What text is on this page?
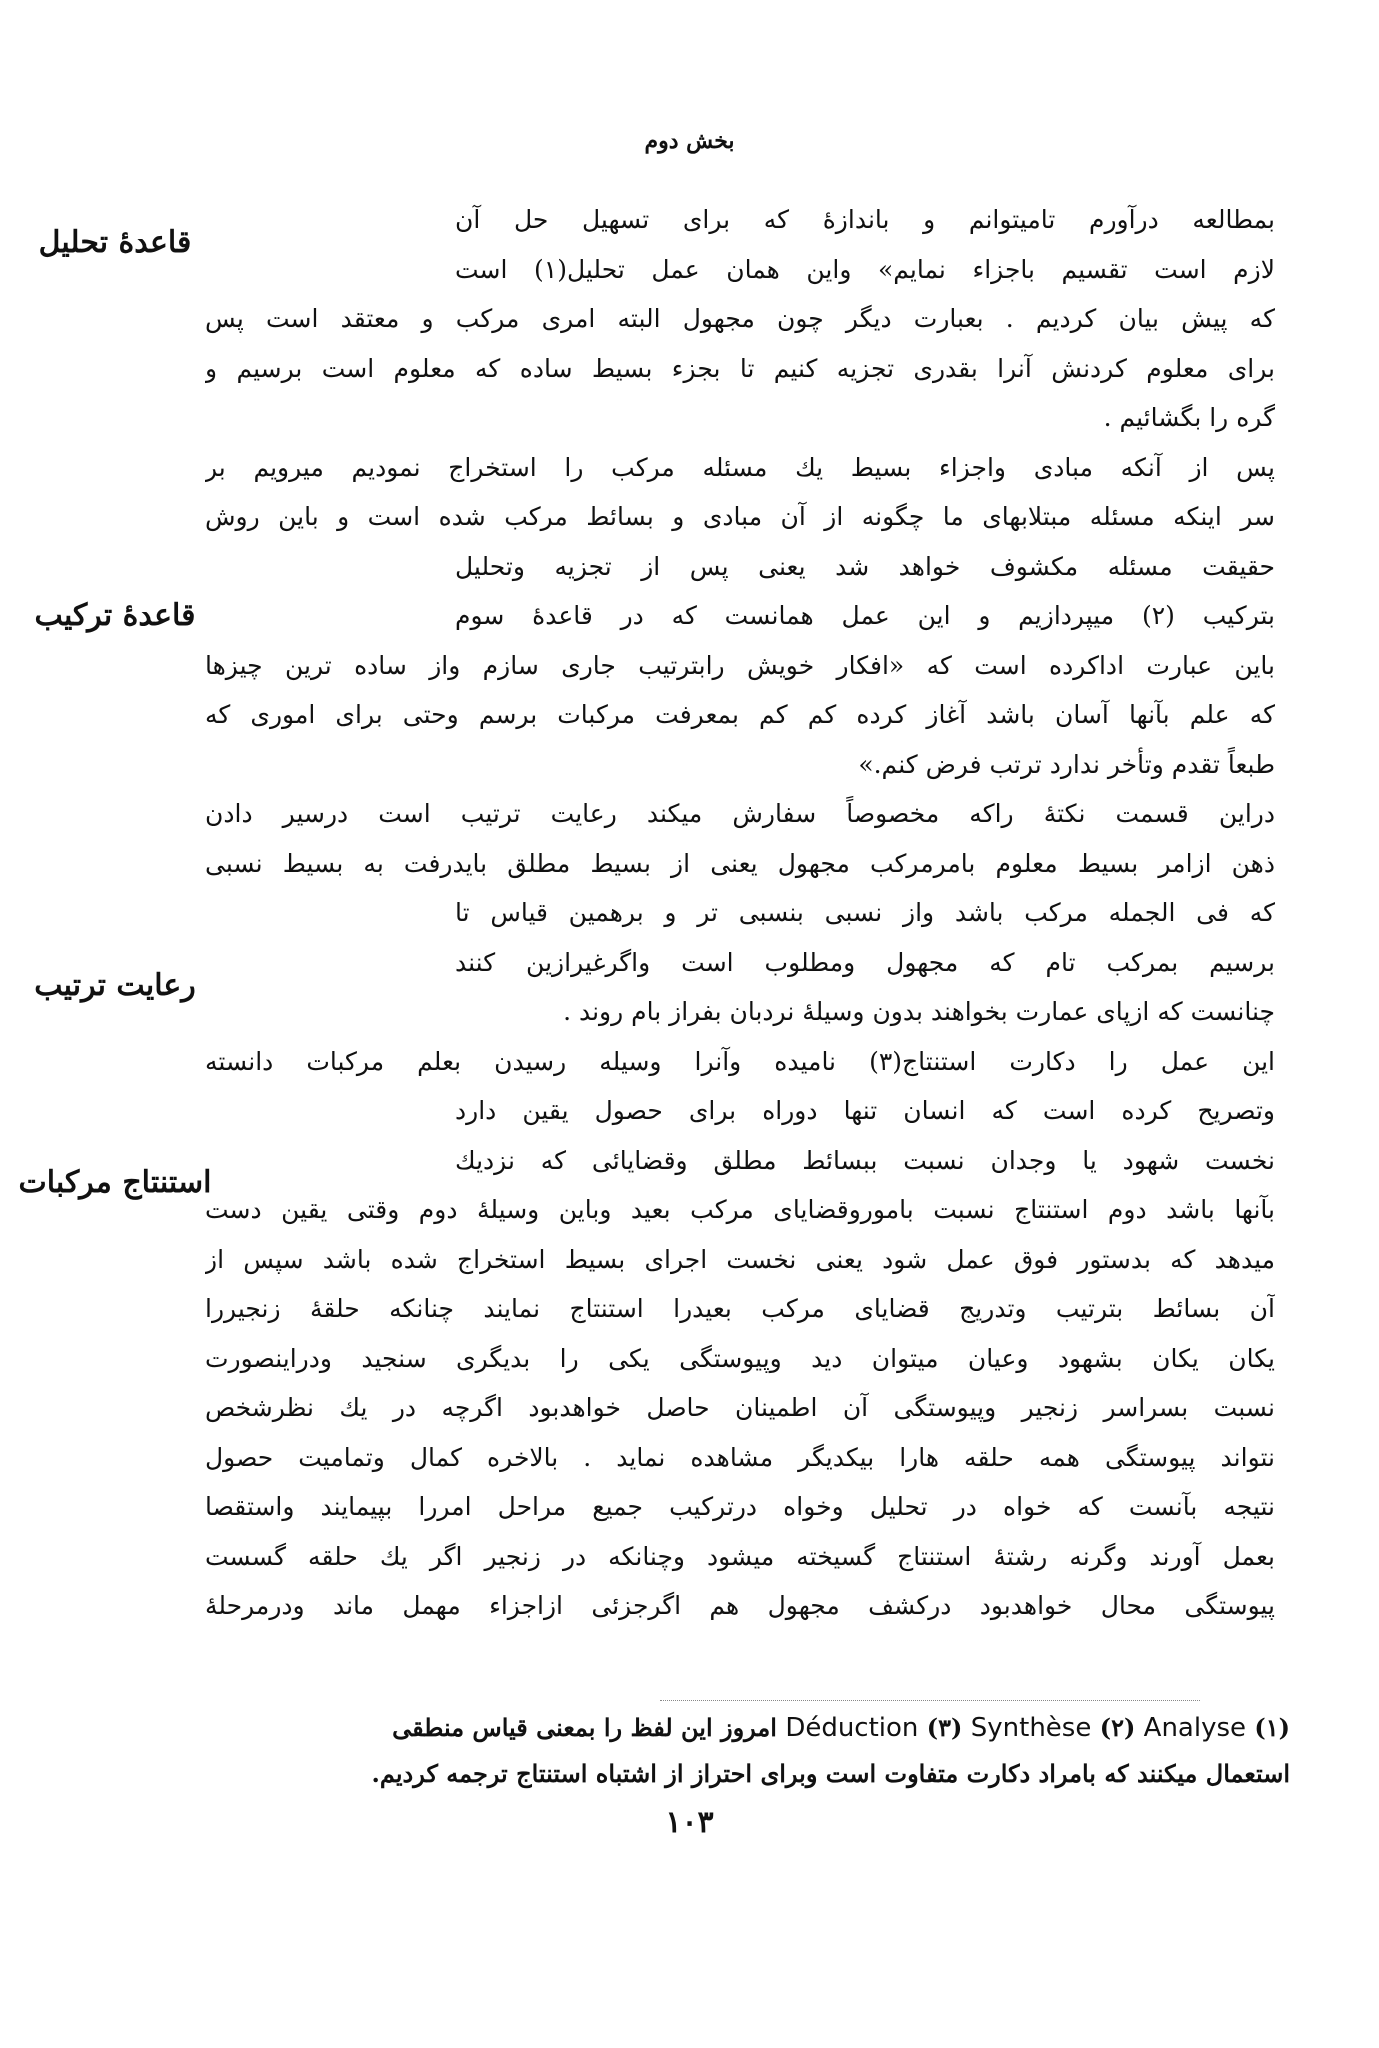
بخش دوم
قاعدهٔ تحلیل
قاعدهٔ ترکیب
رعایت ترتیب
استنتاج مرکبات
بمطالعه درآورم تامیتوانم و باندازهٔ که برای تسهیل حل آن
لازم است تقسیم باجزاء نمایم» واین همان عمل تحلیل(۱) است
که پیش بیان کردیم . بعبارت دیگر چون مجهول البته امری مرکب و معتقد است پس
برای معلوم کردنش آنرا بقدری تجزیه کنیم تا بجزء بسیط ساده که معلوم است برسیم و
گره را بگشائیم .
پس از آنکه مبادی واجزاء بسیط یك مسئله مرکب را استخراج نمودیم میرویم بر
سر اینکه مسئله مبتلابهای ما چگونه از آن مبادی و بسائط مرکب شده است و باین روش
حقیقت مسئله مکشوف خواهد شد یعنی پس از تجزیه وتحلیل
بترکیب (۲) میپردازیم و این عمل همانست که در قاعدهٔ سوم
باین عبارت اداکرده است که «افکار خویش رابترتیب جاری سازم واز ساده ترین چیزها
که علم بآنها آسان باشد آغاز کرده کم کم بمعرفت مرکبات برسم وحتی برای اموری که
طبعاً تقدم وتأخر ندارد ترتب فرض کنم.»
دراین قسمت نکتهٔ راکه مخصوصاً سفارش میکند رعایت ترتیب است درسیر دادن
ذهن ازامر بسیط معلوم بامرمرکب مجهول یعنی از بسیط مطلق بایدرفت به بسیط نسبی
که فی الجمله مرکب باشد واز نسبی بنسبی تر و برهمین قیاس تا
برسیم بمرکب تام که مجهول ومطلوب است واگرغیرازین کنند
چنانست که ازپای عمارت بخواهند بدون وسیلهٔ نردبان بفراز بام روند .
این عمل را دکارت استنتاج(۳) نامیده وآنرا وسیله رسیدن بعلم مرکبات دانسته
وتصریح کرده است که انسان تنها دوراه برای حصول یقین دارد
نخست شهود یا وجدان نسبت ببسائط مطلق وقضایائی که نزدیك
بآنها باشد دوم استنتاج نسبت باموروقضایای مرکب بعید وباین وسیلهٔ دوم وقتی یقین دست
میدهد که بدستور فوق عمل شود یعنی نخست اجرای بسیط استخراج شده باشد سپس از
آن بسائط بترتیب وتدریج قضایای مرکب بعیدرا استنتاج نمایند چنانکه حلقهٔ زنجیررا
یکان یکان بشهود وعیان میتوان دید وپیوستگی یکی را بدیگری سنجید ودراینصورت
نسبت بسراسر زنجیر وپیوستگی آن اطمینان حاصل خواهدبود اگرچه در یك نظرشخص
نتواند پیوستگی همه حلقه هارا بیکدیگر مشاهده نماید . بالاخره کمال وتمامیت حصول
نتیجه بآنست که خواه در تحلیل وخواه درترکیب جمیع مراحل امررا بپیمایند واستقصا
بعمل آورند وگرنه رشتهٔ استنتاج گسیخته میشود وچنانکه در زنجیر اگر یك حلقه گسست
پیوستگی محال خواهدبود درکشف مجهول هم اگرجزئی ازاجزاء مهمل ماند ودرمرحلهٔ
(۱) Analyse (۲) Synthèse (۳) Déduction امروز این لفظ را بمعنی قیاس منطقی
استعمال میکنند که بامراد دکارت متفاوت است وبرای احتراز از اشتباه استنتاج ترجمه کردیم.
۱۰۳
